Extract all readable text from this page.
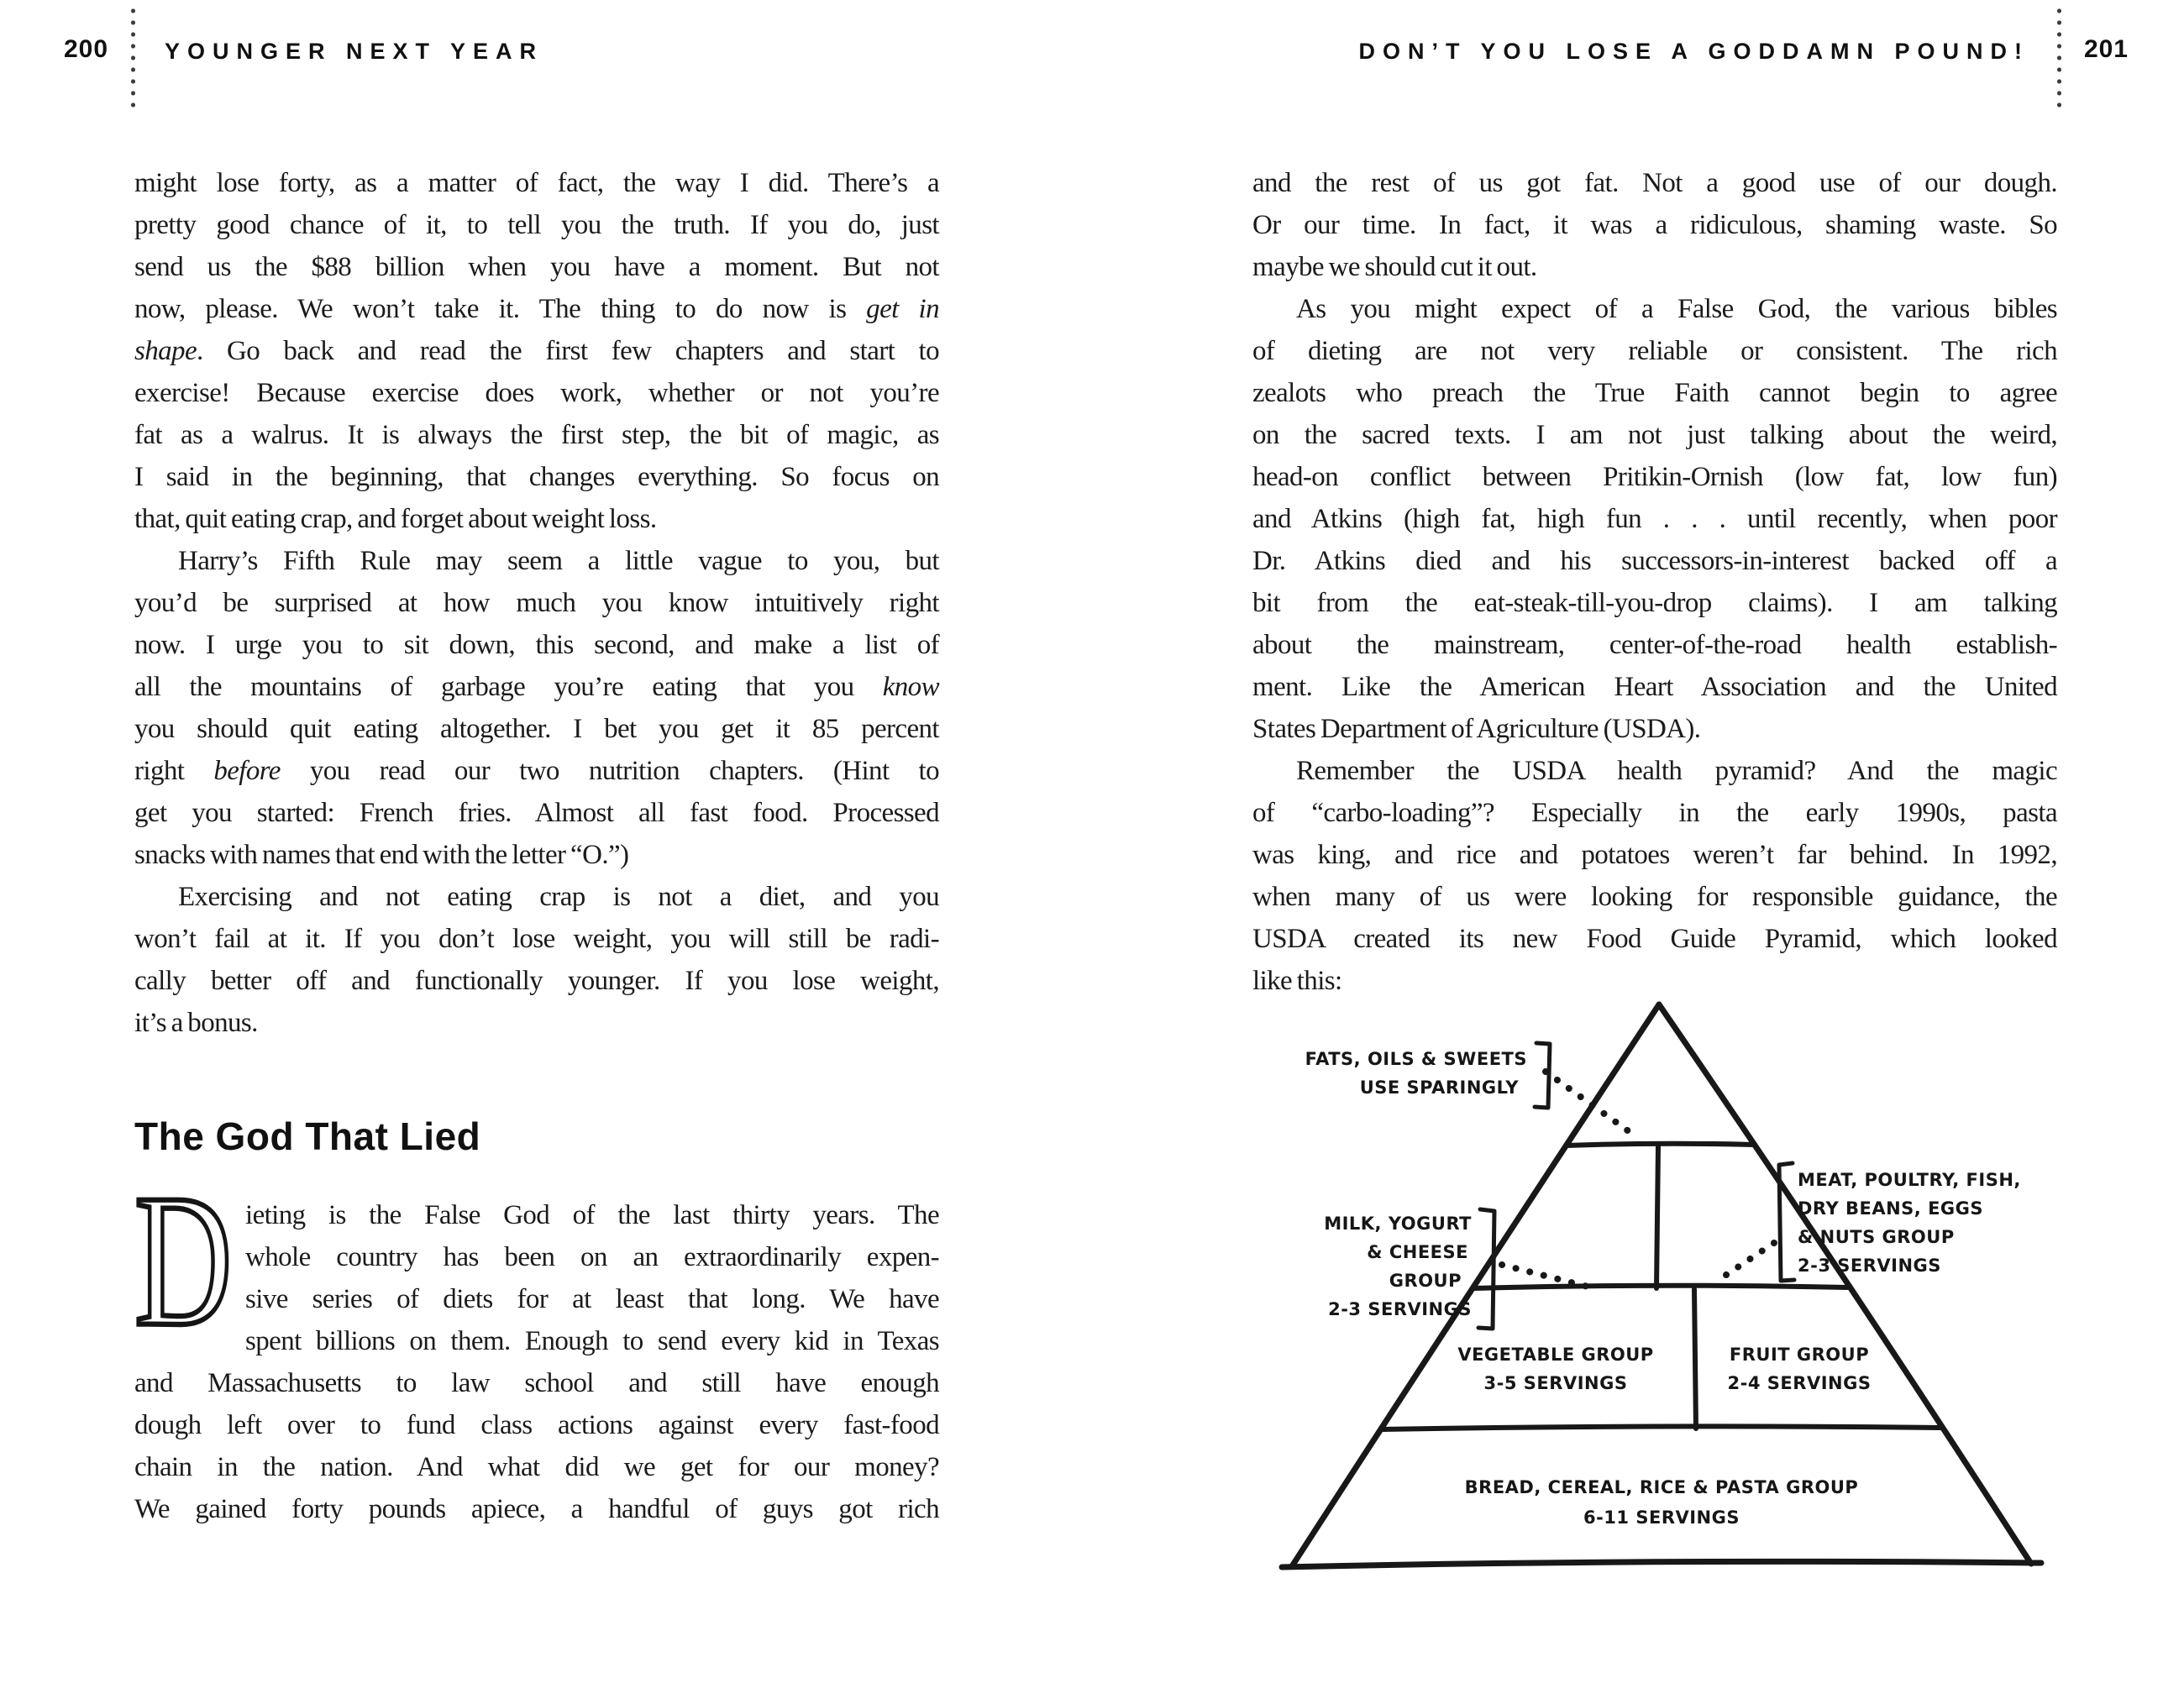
200 YOUNGER NEXT YEAR
might lose forty, as a matter of fact, the way I did. There’s a
pretty good chance of it, to tell you the truth. If you do, just
send us the $88 billion when you have a moment. But not
now, please. We won’t take it. The thing to do now is get in
shape. Go back and read the first few chapters and start to
exercise! Because exercise does work, whether or not you’re
fat as a walrus. It is always the first step, the bit of magic, as
I said in the beginning, that changes everything. So focus on
that, quit eating crap, and forget about weight loss.
Harry’s Fifth Rule may seem a little vague to you, but
you’d be surprised at how much you know intuitively right
now. I urge you to sit down, this second, and make a list of
all the mountains of garbage you’re eating that you know
you should quit eating altogether. I bet you get it 85 percent
right before you read our two nutrition chapters. (Hint to
get you started: French fries. Almost all fast food. Processed
snacks with names that end with the letter “O.”)
Exercising and not eating crap is not a diet, and you
won’t fail at it. If you don’t lose weight, you will still be radi-
cally better off and functionally younger. If you lose weight,
it’s a bonus.
The God That Lied
D ieting is the False God of the last thirty years. The
whole country has been on an extraordinarily expen-
sive series of diets for at least that long. We have
spent billions on them. Enough to send every kid in Texas
and Massachusetts to law school and still have enough
dough left over to fund class actions against every fast-food
chain in the nation. And what did we get for our money?
We gained forty pounds apiece, a handful of guys got rich
DON’T YOU LOSE A GODDAMN POUND! 201
and the rest of us got fat. Not a good use of our dough.
Or our time. In fact, it was a ridiculous, shaming waste. So
maybe we should cut it out.
As you might expect of a False God, the various bibles
of dieting are not very reliable or consistent. The rich
zealots who preach the True Faith cannot begin to agree
on the sacred texts. I am not just talking about the weird,
head-on conflict between Pritikin-Ornish (low fat, low fun)
and Atkins (high fat, high fun . . . until recently, when poor
Dr. Atkins died and his successors-in-interest backed off a
bit from the eat-steak-till-you-drop claims). I am talking
about the mainstream, center-of-the-road health establish-
ment. Like the American Heart Association and the United
States Department of Agriculture (USDA).
Remember the USDA health pyramid? And the magic
of “carbo-loading”? Especially in the early 1990s, pasta
was king, and rice and potatoes weren’t far behind. In 1992,
when many of us were looking for responsible guidance, the
USDA created its new Food Guide Pyramid, which looked
like this:
FATS, OILS & SWEETS
USE SPARINGLY
MILK, YOGURT
& CHEESE
GROUP
2-3 SERVINGS
MEAT, POULTRY, FISH,
DRY BEANS, EGGS
& NUTS GROUP
2-3 SERVINGS
VEGETABLE GROUP
3-5 SERVINGS
FRUIT GROUP
2-4 SERVINGS
BREAD, CEREAL, RICE & PASTA GROUP
6-11 SERVINGS
